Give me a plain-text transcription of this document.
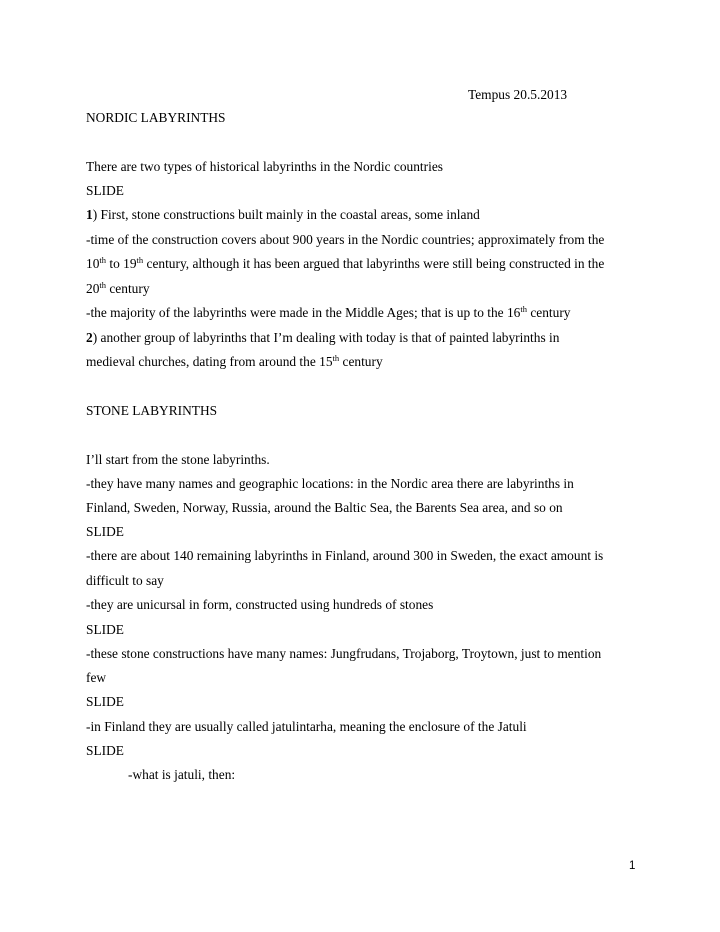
Tempus 20.5.2013
NORDIC LABYRINTHS
There are two types of historical labyrinths in the Nordic countries
SLIDE
1) First, stone constructions built mainly in the coastal areas, some inland
-time of the construction covers about 900 years in the Nordic countries; approximately from the
10th to 19th century, although it has been argued that labyrinths were still being constructed in the
20th century
-the majority of the labyrinths were made in the Middle Ages; that is up to the 16th century
2) another group of labyrinths that I’m dealing with today is that of painted labyrinths in
medieval churches, dating from around the 15th century
STONE LABYRINTHS
I’ll start from the stone labyrinths.
-they have many names and geographic locations: in the Nordic area there are labyrinths in
Finland, Sweden, Norway, Russia, around the Baltic Sea, the Barents Sea area, and so on
SLIDE
-there are about 140 remaining labyrinths in Finland, around 300 in Sweden, the exact amount is
difficult to say
-they are unicursal in form, constructed using hundreds of stones
SLIDE
-these stone constructions have many names: Jungfrudans, Trojaborg, Troytown, just to mention
few
SLIDE
-in Finland they are usually called jatulintarha, meaning the enclosure of the Jatuli
SLIDE
-what is jatuli, then:
1
